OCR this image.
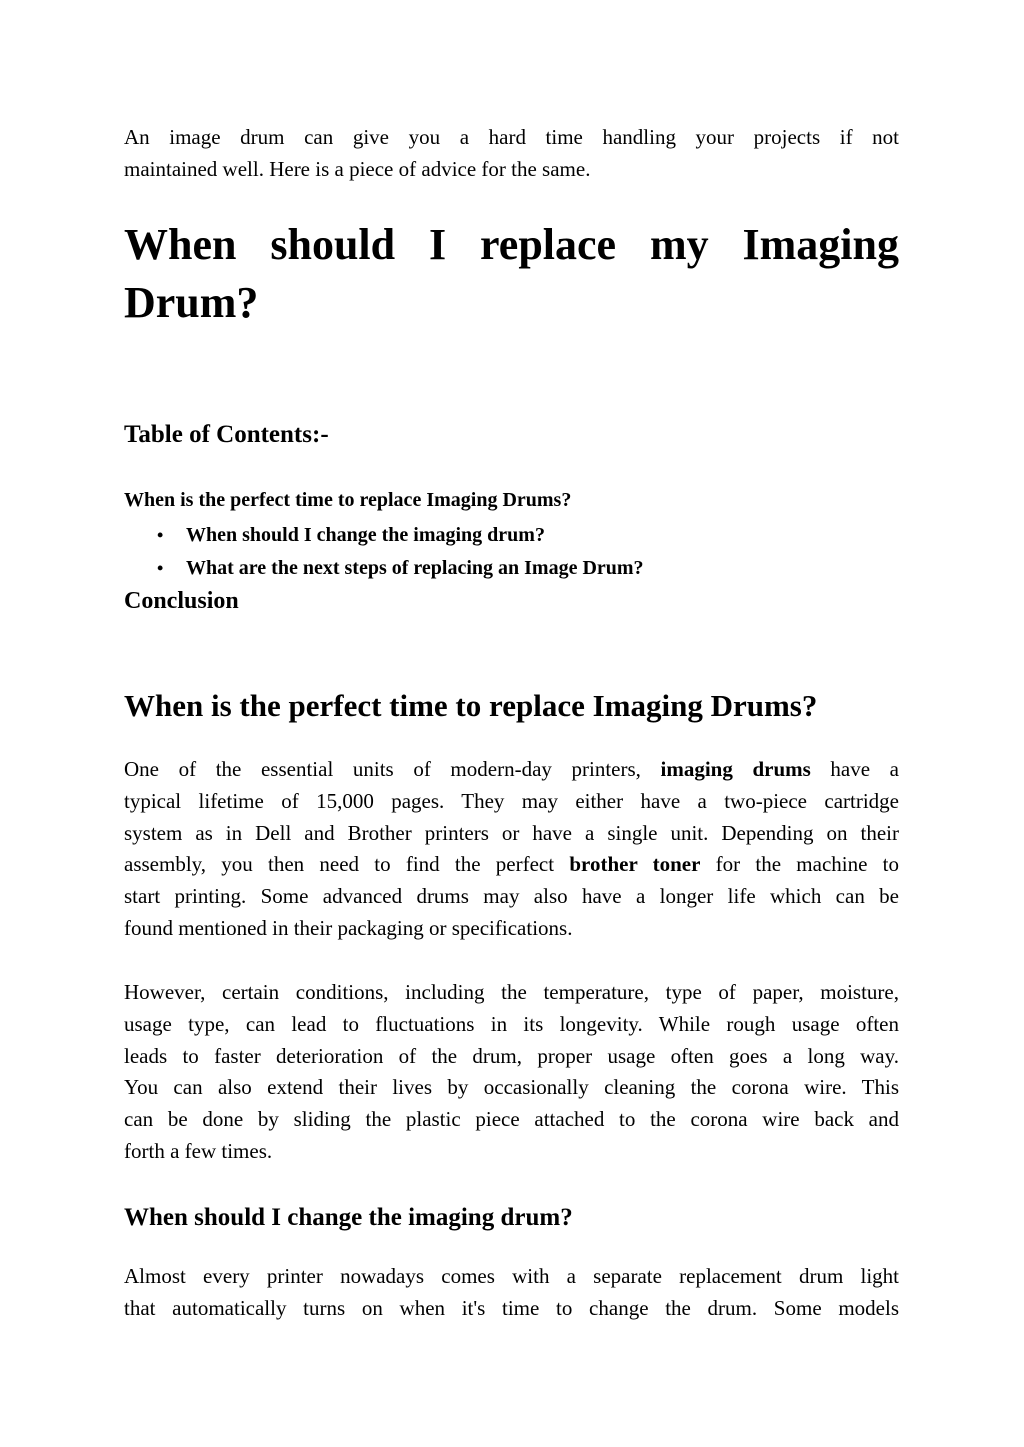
An image drum can give you a hard time handling your projects if not
maintained well. Here is a piece of advice for the same.
When should I replace my Imaging
Drum?
Table of Contents:-
When is the perfect time to replace Imaging Drums?
• When should I change the imaging drum?
• What are the next steps of replacing an Image Drum?
Conclusion
When is the perfect time to replace Imaging Drums?
One of the essential units of modern-day printers, imaging drums have a
typical lifetime of 15,000 pages. They may either have a two-piece cartridge
system as in Dell and Brother printers or have a single unit. Depending on their
assembly, you then need to find the perfect brother toner for the machine to
start printing. Some advanced drums may also have a longer life which can be
found mentioned in their packaging or specifications.
However, certain conditions, including the temperature, type of paper, moisture,
usage type, can lead to fluctuations in its longevity. While rough usage often
leads to faster deterioration of the drum, proper usage often goes a long way.
You can also extend their lives by occasionally cleaning the corona wire. This
can be done by sliding the plastic piece attached to the corona wire back and
forth a few times.
When should I change the imaging drum?
Almost every printer nowadays comes with a separate replacement drum light
that automatically turns on when it's time to change the drum. Some models
